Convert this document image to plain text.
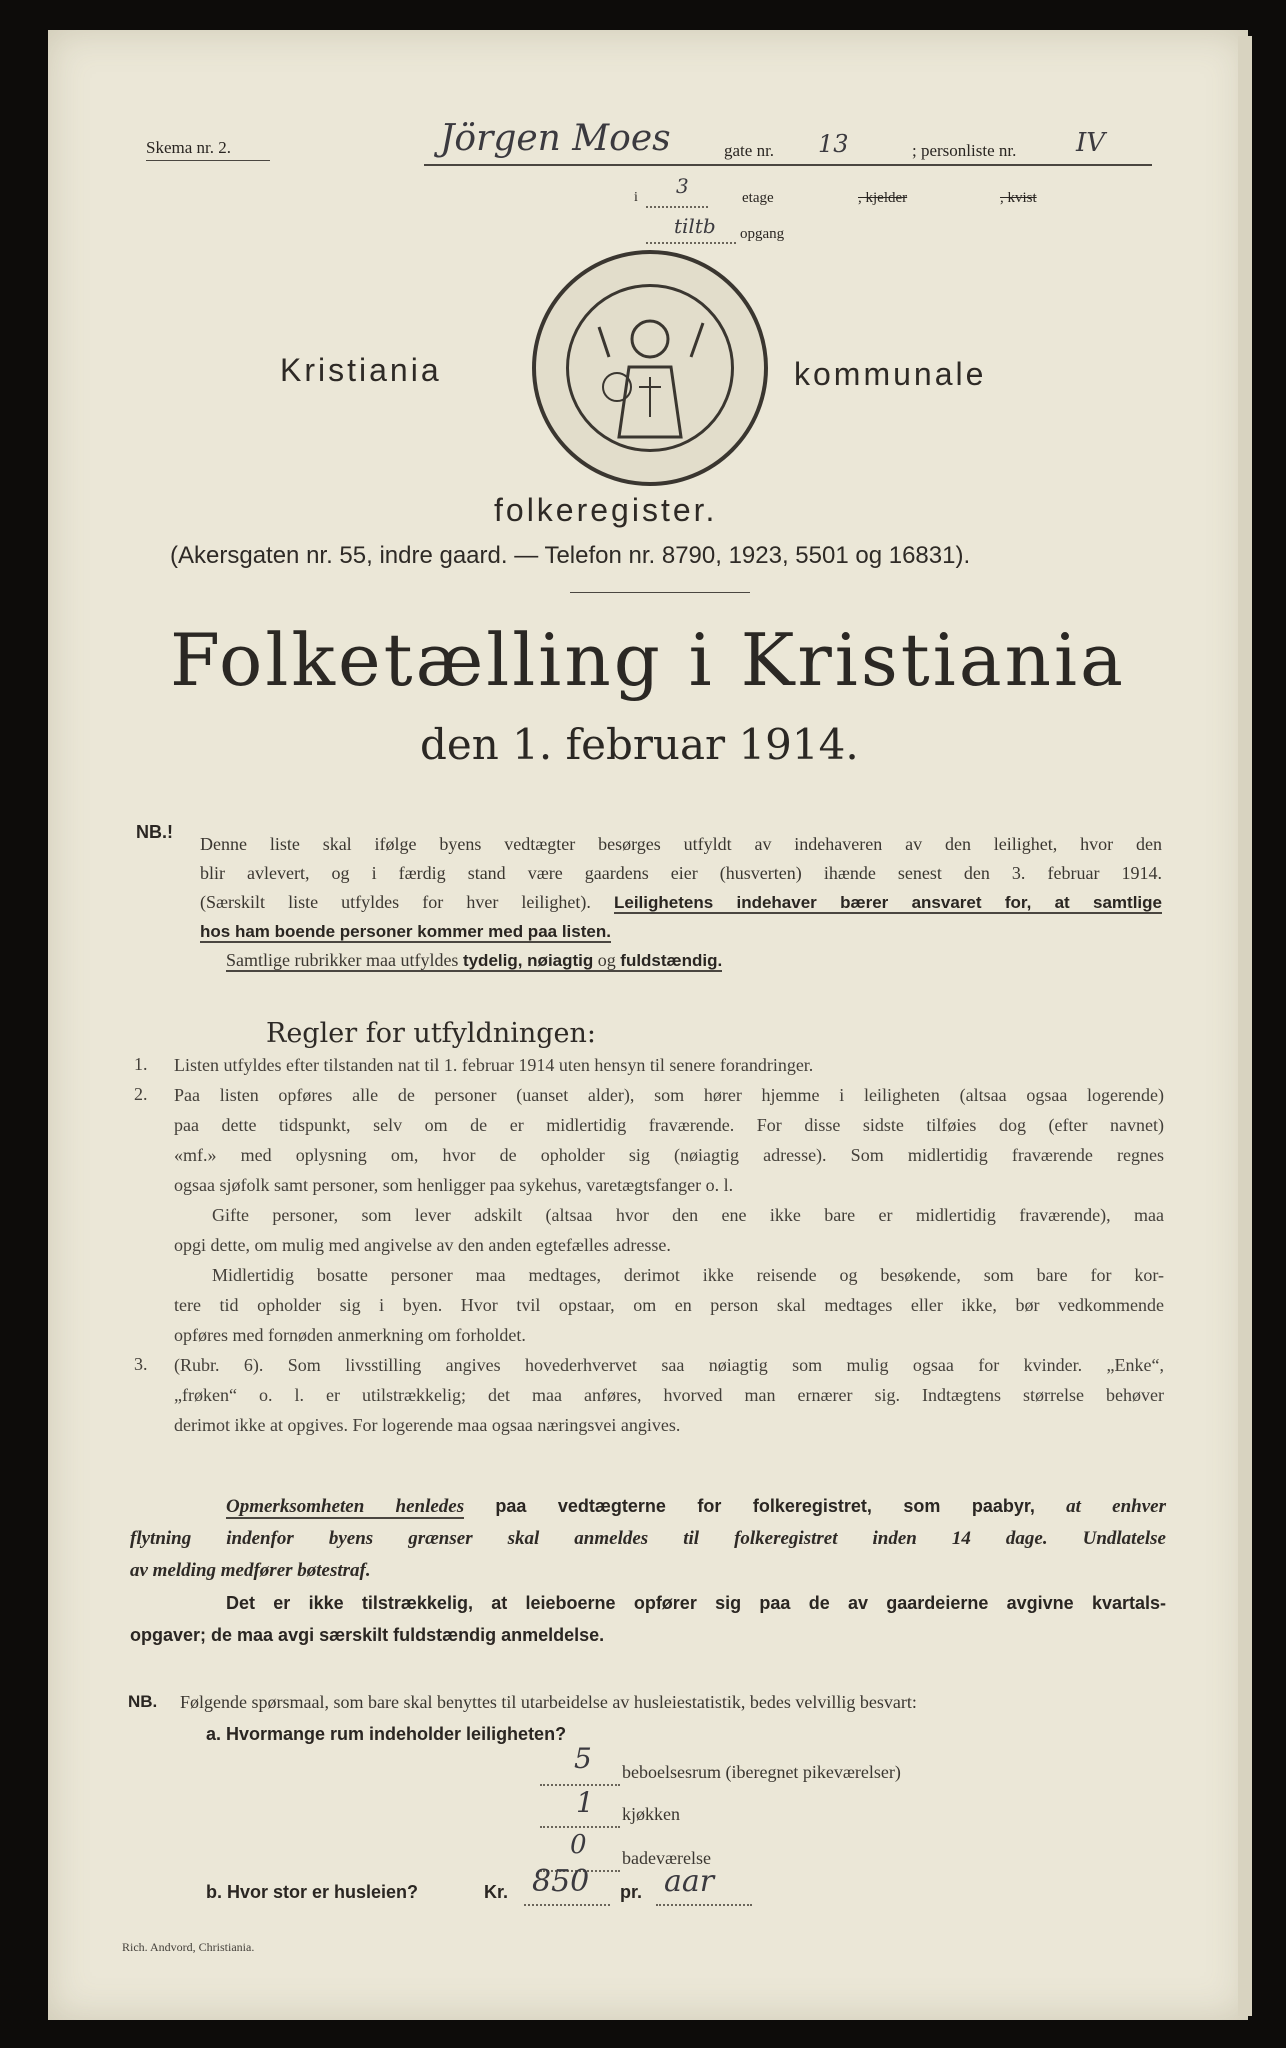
Skema nr. 2.	Jörgen Moes	gate nr. 13	; personliste nr. IV
i 3	etage	, kjelder	, kvist
tiltb opgang
Kristiania	kommunale
folkeregister.
(Akersgaten nr. 55, indre gaard. — Telefon nr. 8790, 1923, 5501 og 16831).
Folketælling i Kristiania
den 1. februar 1914.
NB.!
Denne liste skal ifølge byens vedtægter besørges utfyldt av indehaveren av den leilighet, hvor den
blir avlevert, og i færdig stand være gaardens eier (husverten) ihænde senest den 3. februar 1914.
(Særskilt liste utfyldes for hver leilighet). Leilighetens indehaver bærer ansvaret for, at samtlige
hos ham boende personer kommer med paa listen.
Samtlige rubrikker maa utfyldes tydelig, nøiagtig og fuldstændig.
Regler for utfyldningen:
1. Listen utfyldes efter tilstanden nat til 1. februar 1914 uten hensyn til senere forandringer.
2. Paa listen opføres alle de personer (uanset alder), som hører hjemme i leiligheten (altsaa ogsaa logerende)
paa dette tidspunkt, selv om de er midlertidig fraværende. For disse sidste tilføies dog (efter navnet)
«mf.» med oplysning om, hvor de opholder sig (nøiagtig adresse). Som midlertidig fraværende regnes
ogsaa sjøfolk samt personer, som henligger paa sykehus, varetægtsfanger o. l.
Gifte personer, som lever adskilt (altsaa hvor den ene ikke bare er midlertidig fraværende), maa
opgi dette, om mulig med angivelse av den anden egtefælles adresse.
Midlertidig bosatte personer maa medtages, derimot ikke reisende og besøkende, som bare for kor-
tere tid opholder sig i byen. Hvor tvil opstaar, om en person skal medtages eller ikke, bør vedkommende
opføres med fornøden anmerkning om forholdet.
3. (Rubr. 6). Som livsstilling angives hovederhvervet saa nøiagtig som mulig ogsaa for kvinder. „Enke“,
„frøken“ o. l. er utilstrækkelig; det maa anføres, hvorved man ernærer sig. Indtægtens størrelse behøver
derimot ikke at opgives. For logerende maa ogsaa næringsvei angives.
Opmerksomheten henledes paa vedtægterne for folkeregistret, som paabyr, at enhver
flytning indenfor byens grænser skal anmeldes til folkeregistret inden 14 dage. Undlatelse
av melding medfører bøtestraf.
Det er ikke tilstrækkelig, at leieboerne opfører sig paa de av gaardeierne avgivne kvartals-
opgaver; de maa avgi særskilt fuldstændig anmeldelse.
NB. Følgende spørsmaal, som bare skal benyttes til utarbeidelse av husleiestatistik, bedes velvillig besvart:
a. Hvormange rum indeholder leiligheten?
5 beboelsesrum (iberegnet pikeværelser)
1 kjøkken
0 badeværelse
b. Hvor stor er husleien?	Kr. 850 pr. aar
Rich. Andvord, Christiania.
